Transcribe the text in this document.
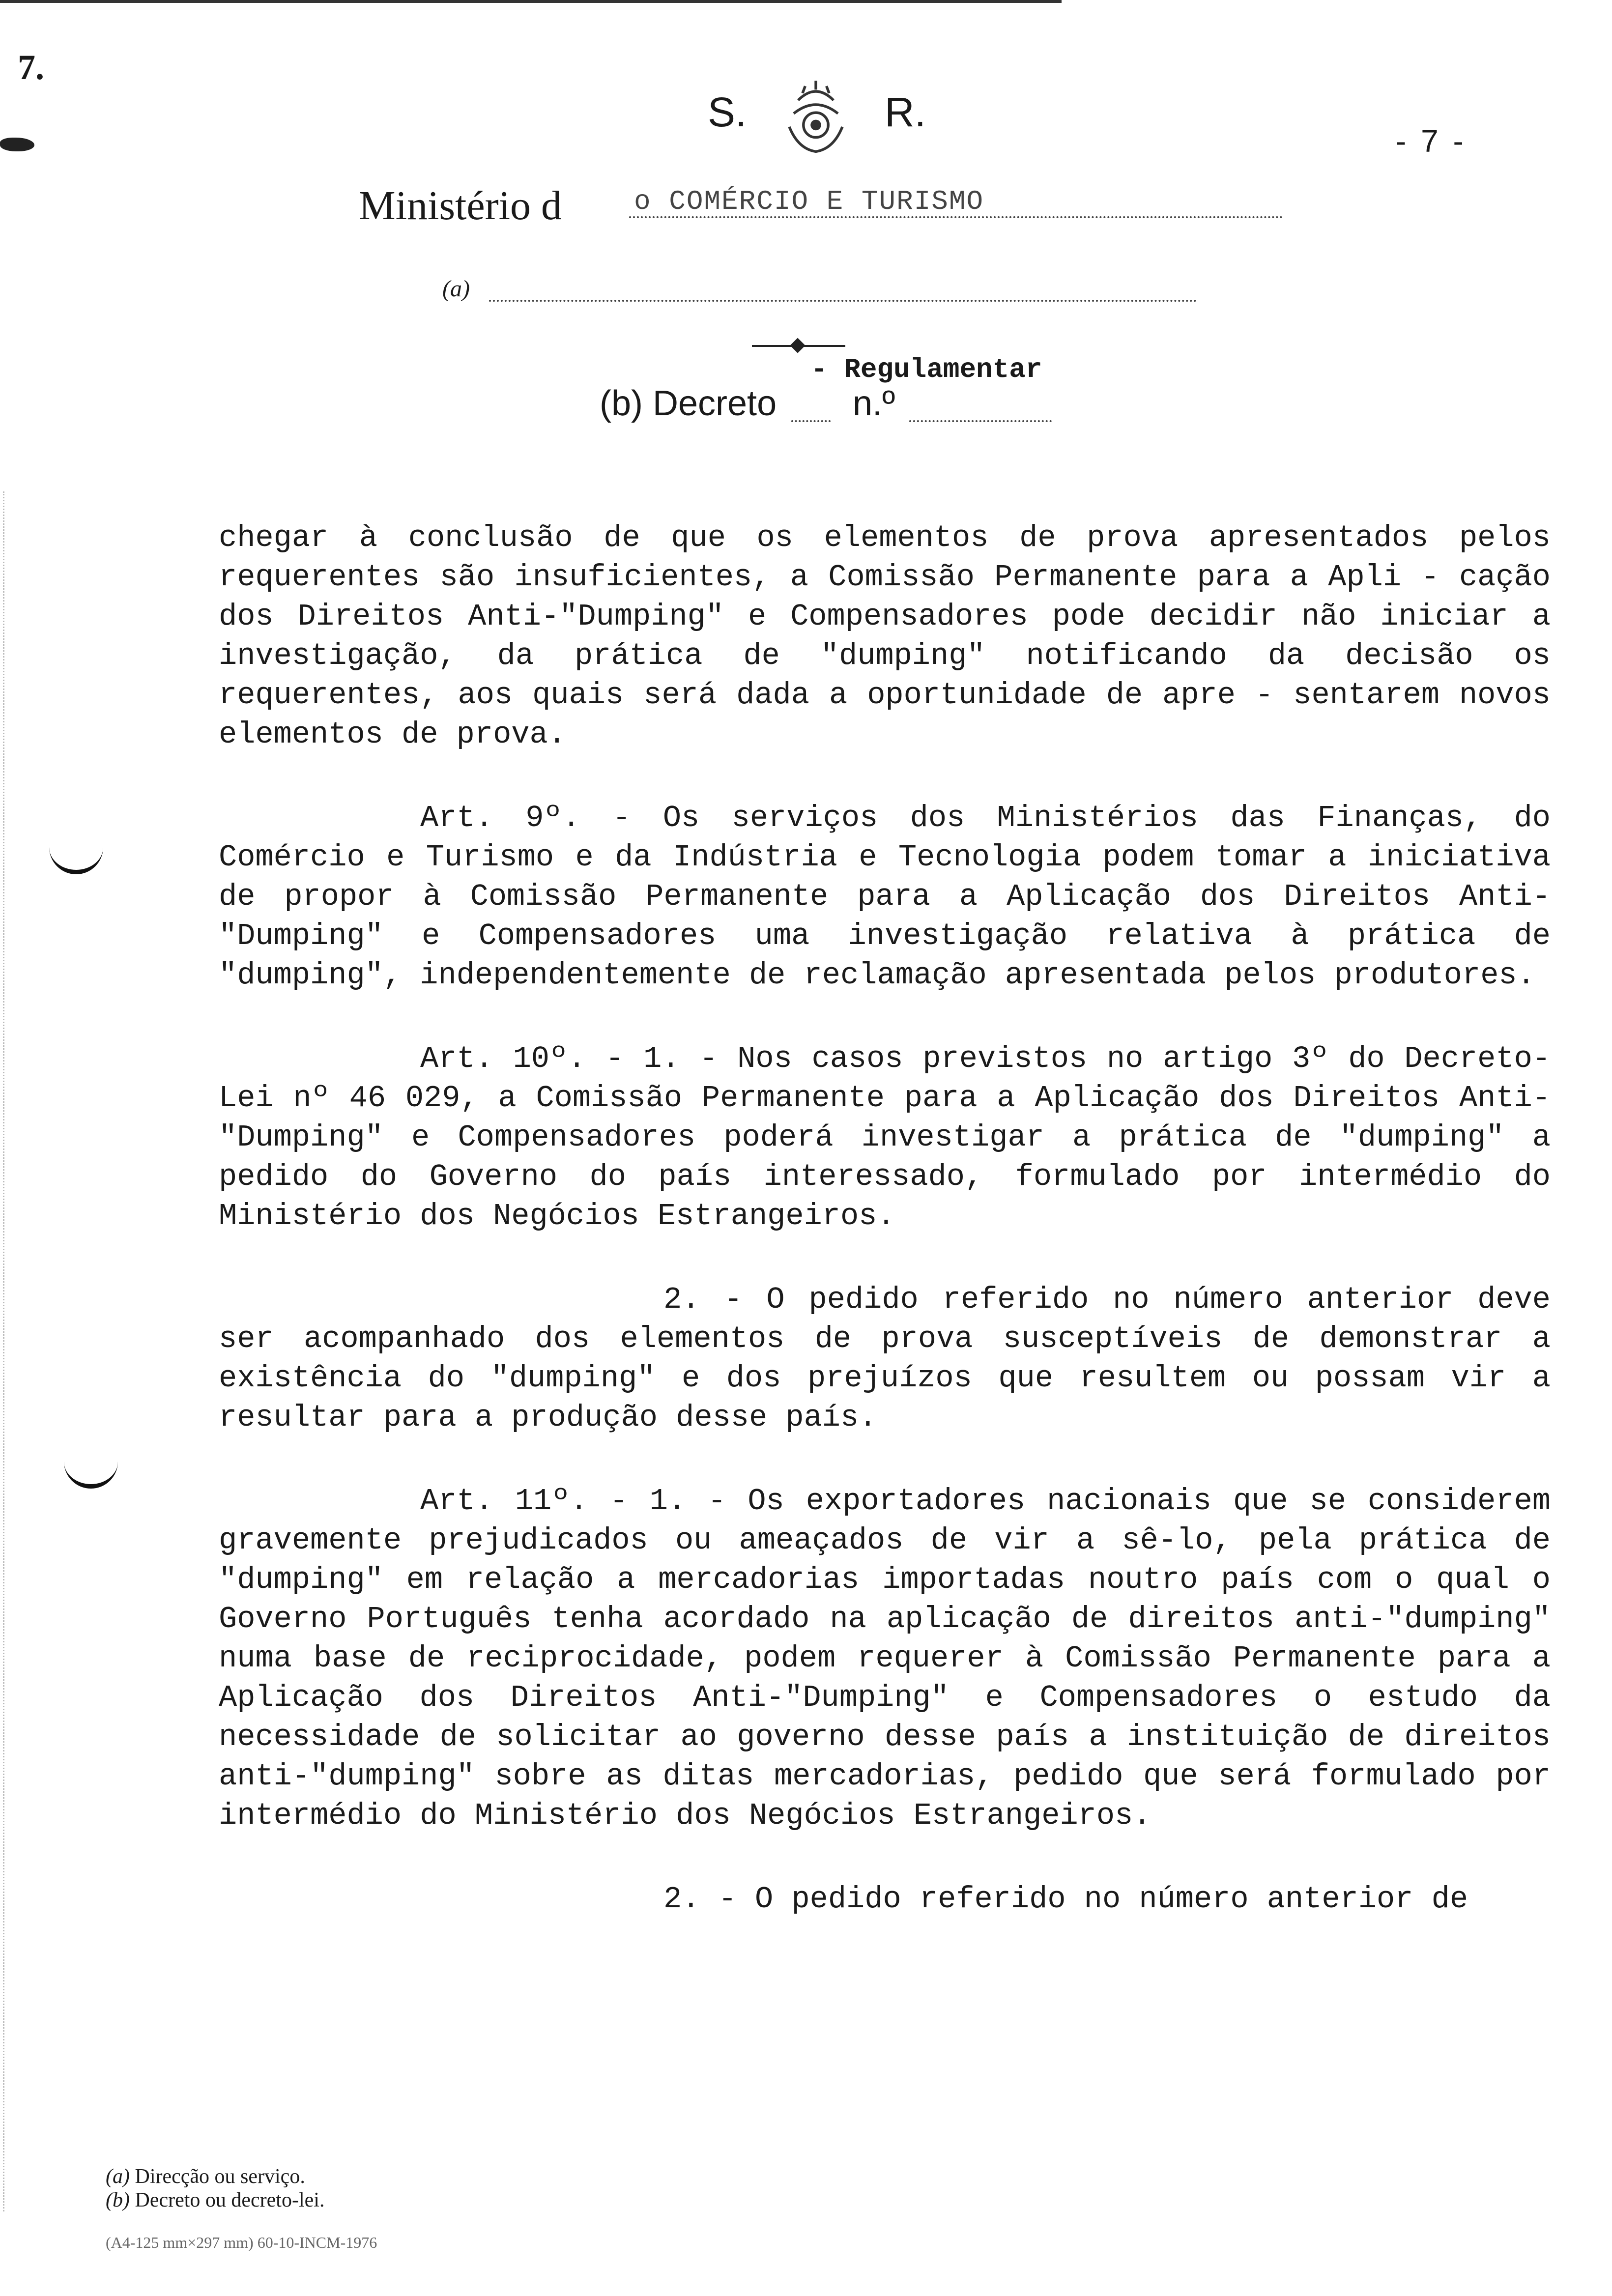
7.
- 7 -
S.	R.
Ministério d	o COMÉRCIO E TURISMO
(a)
- Regulamentar
(b) Decreto n.º

chegar à conclusão de que os elementos de prova apresentados pelos requerentes são insuficientes, a Comissão Permanente para a Apli - cação dos Direitos Anti-"Dumping" e Compensadores pode decidir não iniciar a investigação, da prática de "dumping" notificando da decisão os requerentes, aos quais será dada a oportunidade de apre - sentarem novos elementos de prova.

Art. 9º. - Os serviços dos Ministérios das Finanças, do Comércio e Turismo e da Indústria e Tecnologia podem tomar a iniciativa de propor à Comissão Permanente para a Aplicação dos Direitos Anti-"Dumping" e Compensadores uma investigação relativa à prática de "dumping", independentemente de reclamação apresentada pelos produtores.

Art. 10º. - 1. - Nos casos previstos no artigo 3º do Decreto-Lei nº 46 029, a Comissão Permanente para a Aplicação dos Direitos Anti-"Dumping" e Compensadores poderá investigar a prática de "dumping" a pedido do Governo do país interessado, formulado por intermédio do Ministério dos Negócios Estrangeiros.

2. - O pedido referido no número anterior deve ser acompanhado dos elementos de prova susceptíveis de demonstrar a existência do "dumping" e dos prejuízos que resultem ou possam vir a resultar para a produção desse país.

Art. 11º. - 1. - Os exportadores nacionais que se considerem gravemente prejudicados ou ameaçados de vir a sê-lo, pela prática de "dumping" em relação a mercadorias importadas noutro país com o qual o Governo Português tenha acordado na aplicação de direitos anti-"dumping" numa base de reciprocidade, podem requerer à Comissão Permanente para a Aplicação dos Direitos Anti-"Dumping" e Compensadores o estudo da necessidade de solicitar ao governo desse país a instituição de direitos anti-"dumping" sobre as ditas mercadorias, pedido que será formulado por intermédio do Ministério dos Negócios Estrangeiros.

2. - O pedido referido no número anterior de

(a) Direcção ou serviço.
(b) Decreto ou decreto-lei.
(A4-125 mm×297 mm) 60-10-INCM-1976
